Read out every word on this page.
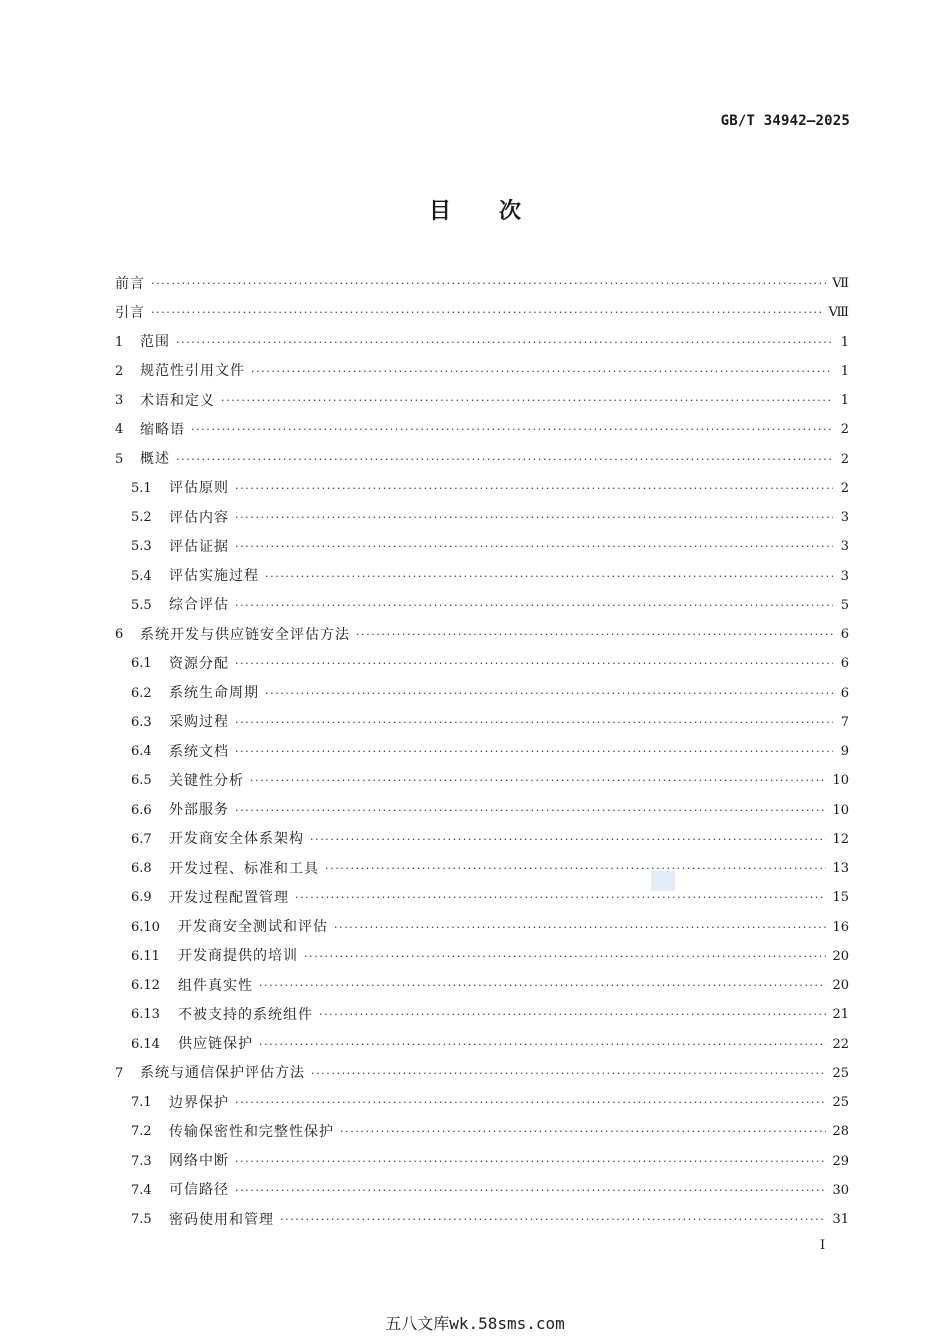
GB/T 34942—2025
目 次
前言 ·····	Ⅶ
引言 ·····	Ⅷ
1	范围 ·····	1
2	规范性引用文件 ·····	1
3	术语和定义 ·····	1
4	缩略语 ·····	2
5	概述 ·····	2
5.1	评估原则 ·····	2
5.2	评估内容 ·····	3
5.3	评估证据 ·····	3
5.4	评估实施过程 ·····	3
5.5	综合评估 ·····	5
6	系统开发与供应链安全评估方法 ·····	6
6.1	资源分配 ·····	6
6.2	系统生命周期 ·····	6
6.3	采购过程 ·····	7
6.4	系统文档 ·····	9
6.5	关键性分析 ·····	10
6.6	外部服务 ·····	10
6.7	开发商安全体系架构 ·····	12
6.8	开发过程、标准和工具 ·····	13
6.9	开发过程配置管理 ·····	15
6.10	开发商安全测试和评估 ·····	16
6.11	开发商提供的培训 ·····	20
6.12	组件真实性 ·····	20
6.13	不被支持的系统组件 ·····	21
6.14	供应链保护 ·····	22
7	系统与通信保护评估方法 ·····	25
7.1	边界保护 ·····	25
7.2	传输保密性和完整性保护 ·····	28
7.3	网络中断 ·····	29
7.4	可信路径 ·····	30
7.5	密码使用和管理 ·····	31
I
五八文库wk.58sms.com
